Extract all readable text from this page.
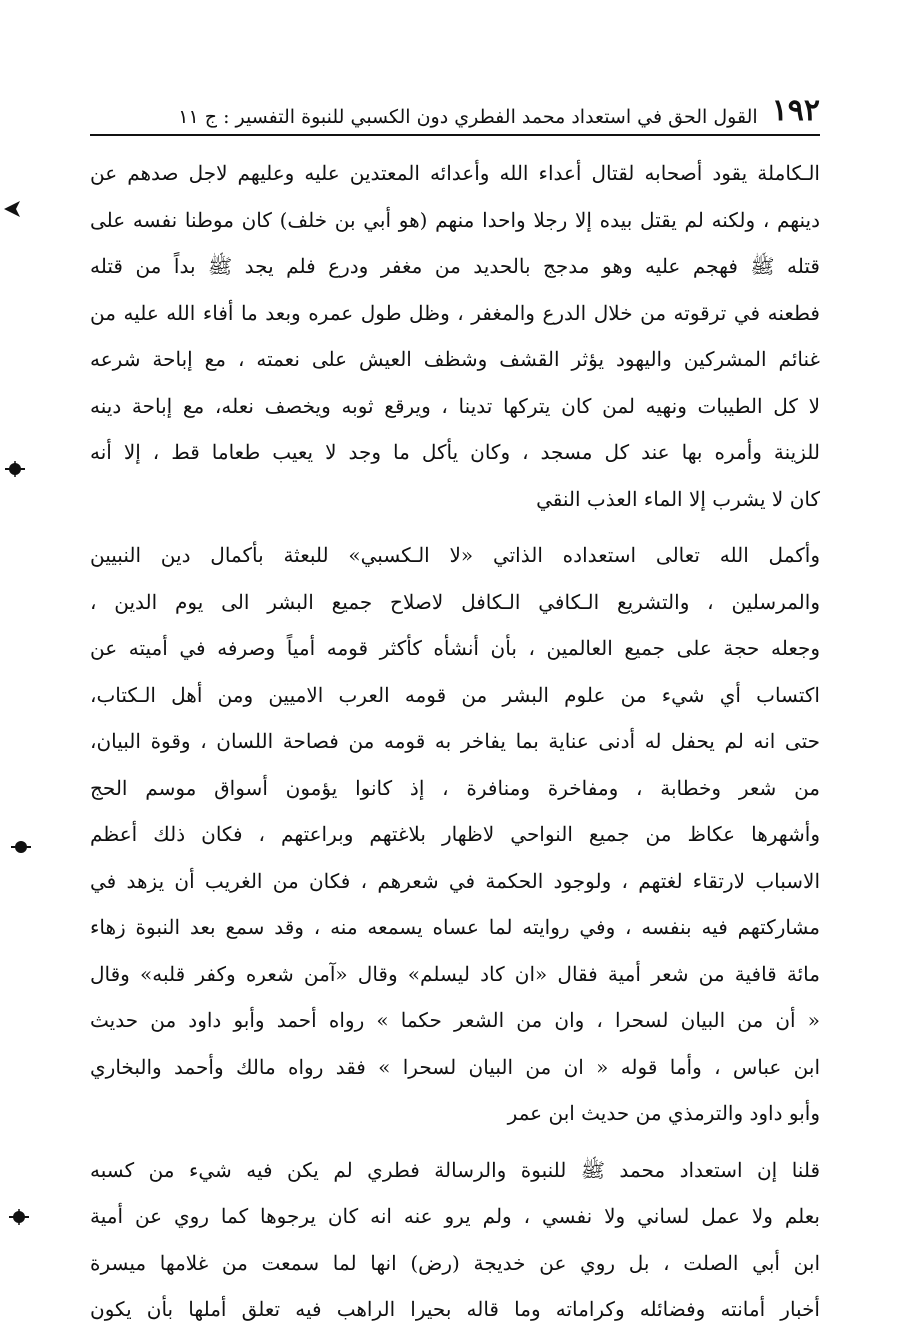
١٩٢
القول الحق في استعداد محمد الفطري دون الكسبي للنبوة التفسير : ج ١١
الـكاملة يقود أصحابه لقتال أعداء الله وأعدائه المعتدين عليه وعليهم لاجل صدهم عن
دينهم ، ولكنه لم يقتل بيده إلا رجلا واحدا منهم (هو أبي بن خلف) كان موطنا نفسه على
قتله ﷺ فهجم عليه وهو مدجج بالحديد من مغفر ودرع فلم يجد ﷺ بداً من قتله
فطعنه في ترقوته من خلال الدرع والمغفر ، وظل طول عمره وبعد ما أفاء الله عليه من
غنائم المشركين واليهود يؤثر القشف وشظف العيش على نعمته ، مع إباحة شرعه
لا كل الطيبات ونهيه لمن كان يتركها تدينا ، ويرقع ثوبه ويخصف نعله، مع إباحة دينه
للزينة وأمره بها عند كل مسجد ، وكان يأكل ما وجد لا يعيب طعاما قط ، إلا أنه
كان لا يشرب إلا الماء العذب النقي
وأكمل الله تعالى استعداده الذاتي «لا الـكسبي» للبعثة بأكمال دين النبيين
والمرسلين ، والتشريع الـكافي الـكافل لاصلاح جميع البشر الى يوم الدين ،
وجعله حجة على جميع العالمين ، بأن أنشأه كأكثر قومه أمياً وصرفه في أميته عن
اكتساب أي شيء من علوم البشر من قومه العرب الاميين ومن أهل الـكتاب،
حتى انه لم يحفل له أدنى عناية بما يفاخر به قومه من فصاحة اللسان ، وقوة البيان،
من شعر وخطابة ، ومفاخرة ومنافرة ، إذ كانوا يؤمون أسواق موسم الحج
وأشهرها عكاظ من جميع النواحي لاظهار بلاغتهم وبراعتهم ، فكان ذلك أعظم
الاسباب لارتقاء لغتهم ، ولوجود الحكمة في شعرهم ، فكان من الغريب أن يزهد في
مشاركتهم فيه بنفسه ، وفي روايته لما عساه يسمعه منه ، وقد سمع بعد النبوة زهاء
مائة قافية من شعر أمية فقال «ان كاد ليسلم» وقال «آمن شعره وكفر قلبه» وقال
« أن من البيان لسحرا ، وان من الشعر حكما » رواه أحمد وأبو داود من حديث
ابن عباس ، وأما قوله « ان من البيان لسحرا » فقد رواه مالك وأحمد والبخاري
وأبو داود والترمذي من حديث ابن عمر
قلنا إن استعداد محمد ﷺ للنبوة والرسالة فطري لم يكن فيه شيء من كسبه
بعلم ولا عمل لساني ولا نفسي ، ولم يرو عنه انه كان يرجوها كما روي عن أمية
ابن أبي الصلت ، بل روي عن خديجة (رض) انها لما سمعت من غلامها ميسرة
أخبار أمانته وفضائله وكراماته وما قاله بحيرا الراهب فيه تعلق أملها بأن يكون
